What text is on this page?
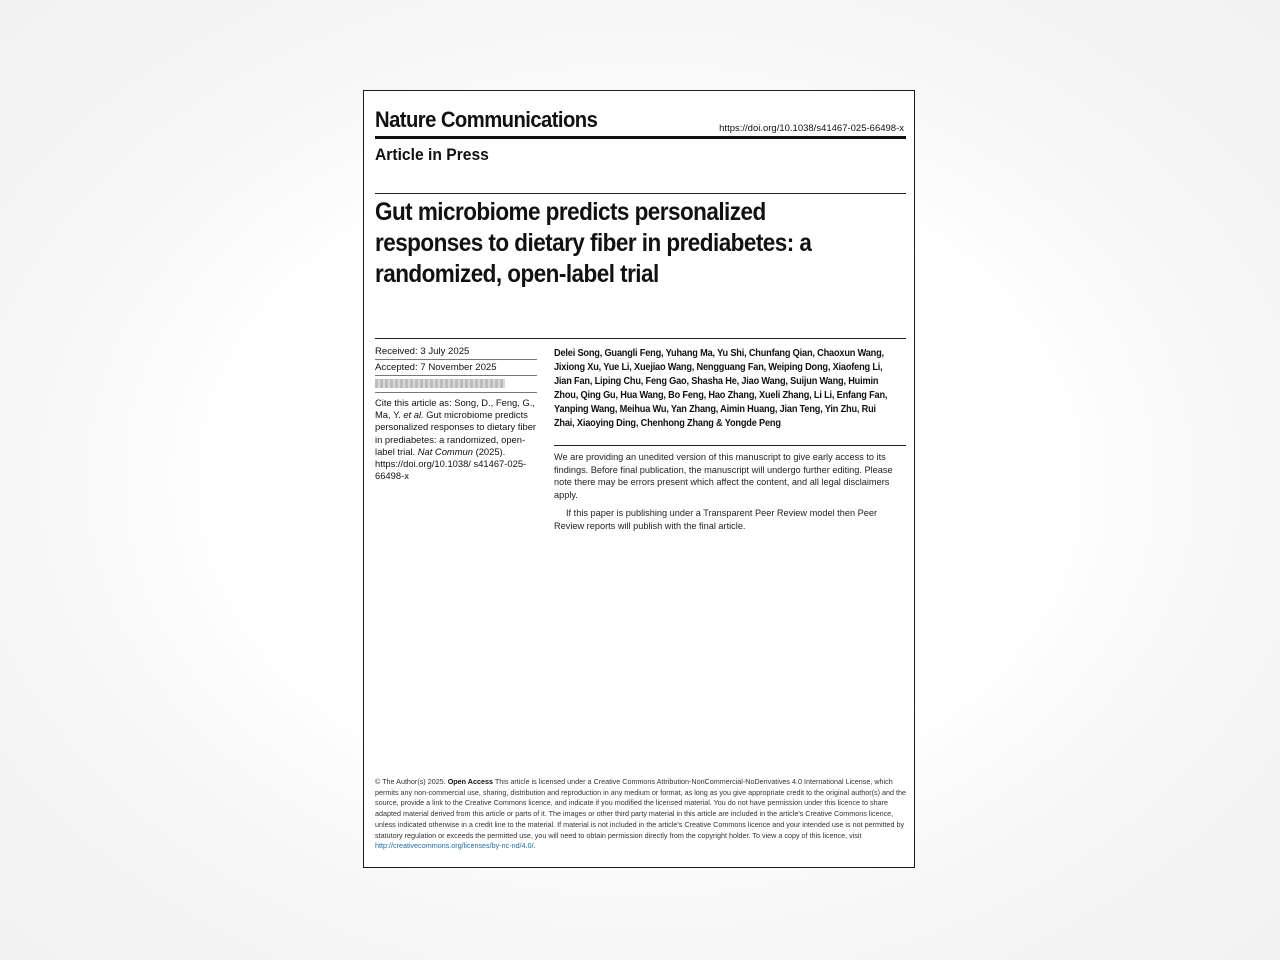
Nature Communications	https://doi.org/10.1038/s41467-025-66498-x
Article in Press
Gut microbiome predicts personalized responses to dietary fiber in prediabetes: a randomized, open-label trial
Received: 3 July 2025
Accepted: 7 November 2025
Cite this article as: Song, D., Feng, G., Ma, Y. et al. Gut microbiome predicts personalized responses to dietary fiber in prediabetes: a randomized, open-label trial. Nat Commun (2025). https://doi.org/10.1038/ s41467-025-66498-x
Delei Song, Guangli Feng, Yuhang Ma, Yu Shi, Chunfang Qian, Chaoxun Wang, Jixiong Xu, Yue Li, Xuejiao Wang, Nengguang Fan, Weiping Dong, Xiaofeng Li, Jian Fan, Liping Chu, Feng Gao, Shasha He, Jiao Wang, Suijun Wang, Huimin Zhou, Qing Gu, Hua Wang, Bo Feng, Hao Zhang, Xueli Zhang, Li Li, Enfang Fan, Yanping Wang, Meihua Wu, Yan Zhang, Aimin Huang, Jian Teng, Yin Zhu, Rui Zhai, Xiaoying Ding, Chenhong Zhang & Yongde Peng
We are providing an unedited version of this manuscript to give early access to its findings. Before final publication, the manuscript will undergo further editing. Please note there may be errors present which affect the content, and all legal disclaimers apply.
If this paper is publishing under a Transparent Peer Review model then Peer Review reports will publish with the final article.
© The Author(s) 2025. Open Access This article is licensed under a Creative Commons Attribution-NonCommercial-NoDerivatives 4.0 International License, which permits any non-commercial use, sharing, distribution and reproduction in any medium or format, as long as you give appropriate credit to the original author(s) and the source, provide a link to the Creative Commons licence, and indicate if you modified the licensed material. You do not have permission under this licence to share adapted material derived from this article or parts of it. The images or other third party material in this article are included in the article's Creative Commons licence, unless indicated otherwise in a credit line to the material. If material is not included in the article's Creative Commons licence and your intended use is not permitted by statutory regulation or exceeds the permitted use, you will need to obtain permission directly from the copyright holder. To view a copy of this licence, visit http://creativecommons.org/licenses/by-nc-nd/4.0/.
